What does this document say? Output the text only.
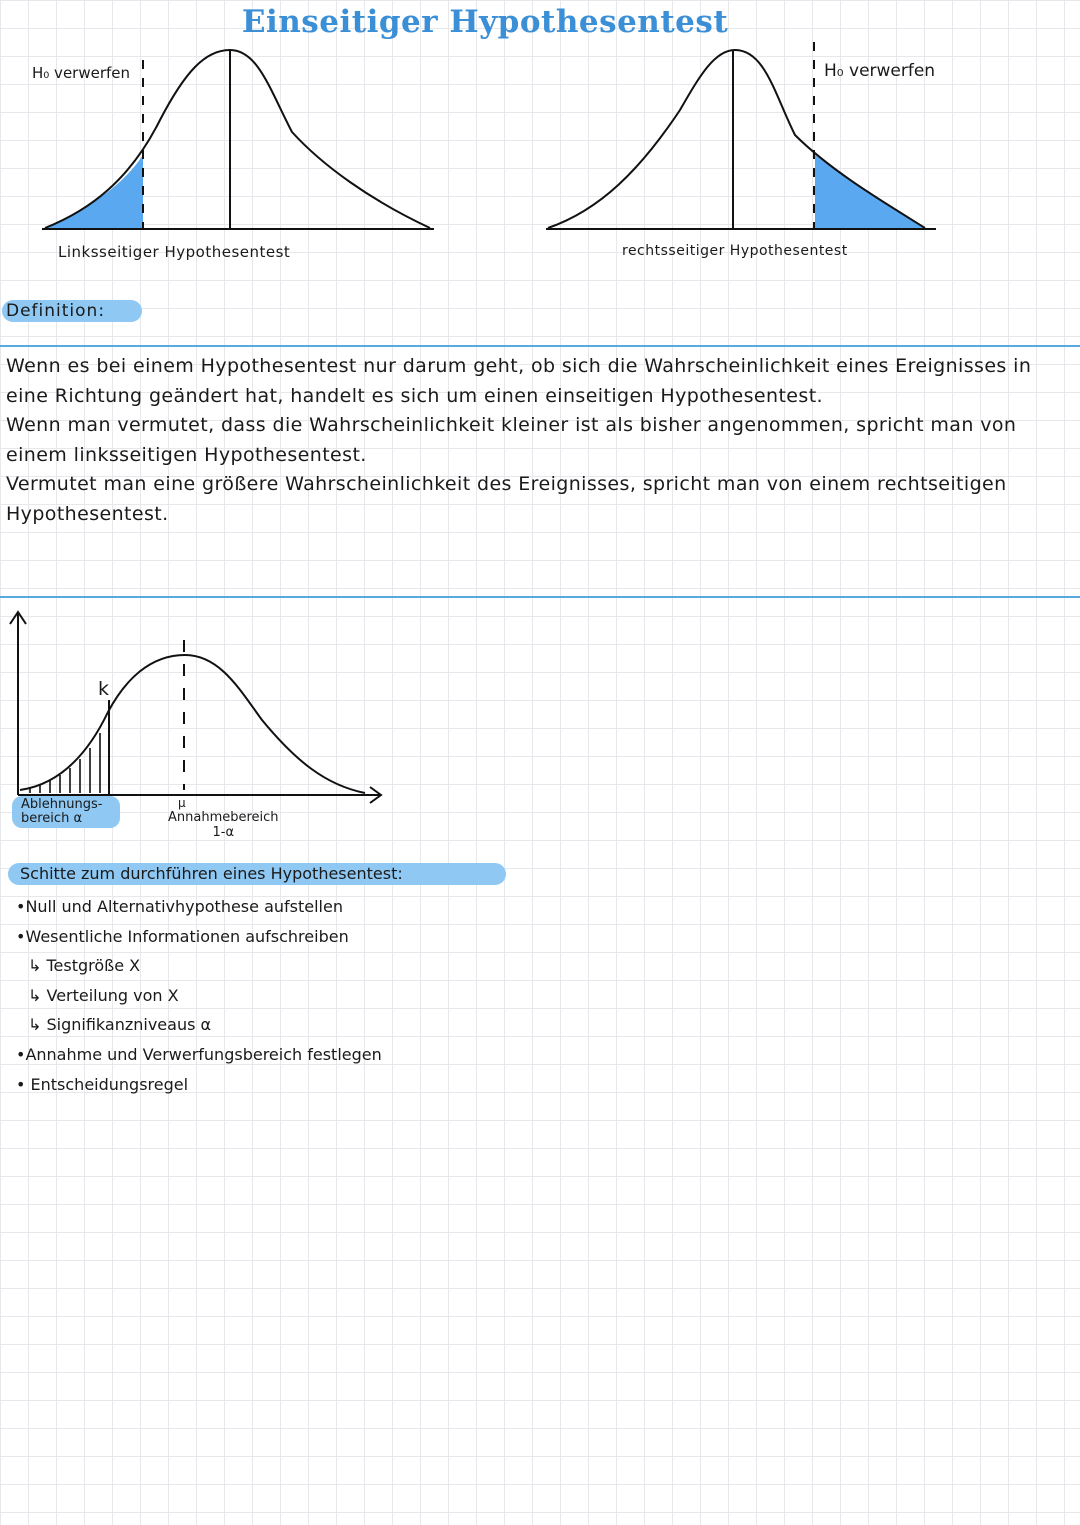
Einseitiger Hypothesentest
H₀ verwerfen
Linksseitiger Hypothesentest
H₀ verwerfen
rechtsseitiger Hypothesentest
Definition:

Wenn es bei einem Hypothesentest nur darum geht, ob sich die Wahrscheinlichkeit eines Ereignisses in eine Richtung geändert hat, handelt es sich um einen einseitigen Hypothesentest.

Wenn man vermutet, dass die Wahrscheinlichkeit kleiner ist als bisher angenommen, spricht man von einem linksseitigen Hypothesentest.

Vermutet man eine größere Wahrscheinlichkeit des Ereignisses, spricht man von einem rechtseitigen Hypothesentest.

k
Ablehnungs-
bereich α
μ
Annahmebereich
1-α
Schitte zum durchführen eines Hypothesentest:
•Null und Alternativhypothese aufstellen
•Wesentliche Informationen aufschreiben
↳ Testgröße X
↳ Verteilung von X
↳ Signifikanzniveaus α
•Annahme und Verwerfungsbereich festlegen
• Entscheidungsregel
